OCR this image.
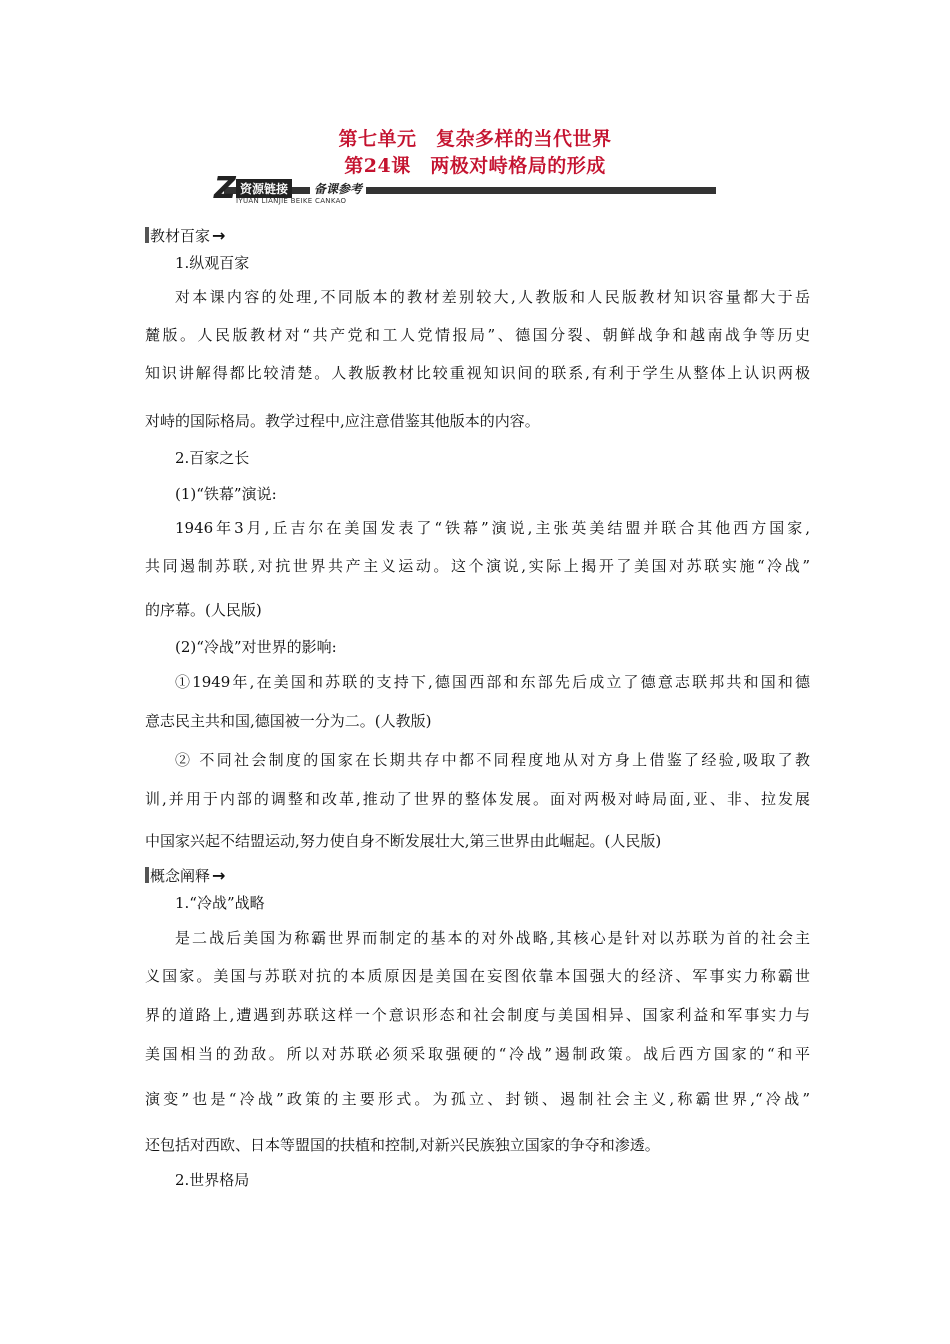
第七单元　复杂多样的当代世界
第24课　两极对峙格局的形成
Z 资源链接	备课参考
IYUAN LIANJIE BEIKE CANKAO
教材百家 →
1.纵观百家
对本课内容的处理,不同版本的教材差别较大,人教版和人民版教材知识容量都大于岳
麓版。人民版教材对“共产党和工人党情报局”、德国分裂、朝鲜战争和越南战争等历史
知识讲解得都比较清楚。人教版教材比较重视知识间的联系,有利于学生从整体上认识两极
对峙的国际格局。教学过程中,应注意借鉴其他版本的内容。
2.百家之长
(1)“铁幕”演说:
1946年3月,丘吉尔在美国发表了“铁幕”演说,主张英美结盟并联合其他西方国家,
共同遏制苏联,对抗世界共产主义运动。这个演说,实际上揭开了美国对苏联实施“冷战”
的序幕。(人民版)
(2)“冷战”对世界的影响:
①1949年,在美国和苏联的支持下,德国西部和东部先后成立了德意志联邦共和国和德
意志民主共和国,德国被一分为二。(人教版)
② 不同社会制度的国家在长期共存中都不同程度地从对方身上借鉴了经验,吸取了教
训,并用于内部的调整和改革,推动了世界的整体发展。面对两极对峙局面,亚、非、拉发展
中国家兴起不结盟运动,努力使自身不断发展壮大,第三世界由此崛起。(人民版)
概念阐释 →
1.“冷战”战略
是二战后美国为称霸世界而制定的基本的对外战略,其核心是针对以苏联为首的社会主
义国家。美国与苏联对抗的本质原因是美国在妄图依靠本国强大的经济、军事实力称霸世
界的道路上,遭遇到苏联这样一个意识形态和社会制度与美国相异、国家利益和军事实力与
美国相当的劲敌。所以对苏联必须采取强硬的“冷战”遏制政策。战后西方国家的“和平
演变”也是“冷战”政策的主要形式。为孤立、封锁、遏制社会主义,称霸世界,“冷战”
还包括对西欧、日本等盟国的扶植和控制,对新兴民族独立国家的争夺和渗透。
2.世界格局
